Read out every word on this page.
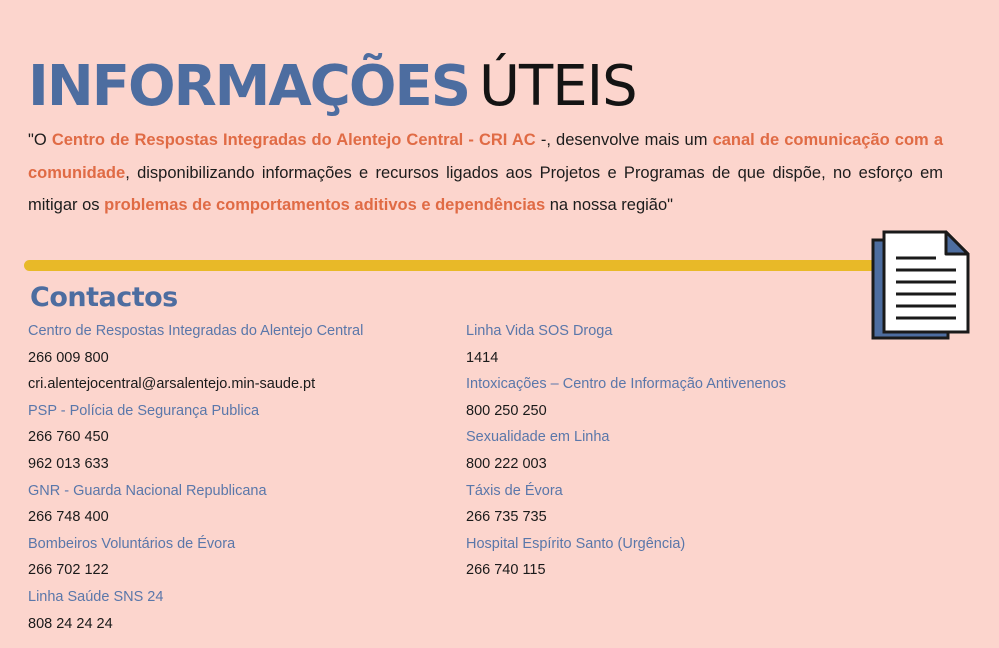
INFORMAÇÕES ÚTEIS

"O Centro de Respostas Integradas do Alentejo Central - CRI AC -, desenvolve mais um canal de comunicação com a comunidade, disponibilizando informações e recursos ligados aos Projetos e Programas de que dispõe, no esforço em mitigar os problemas de comportamentos aditivos e dependências na nossa região"

Contactos
Centro de Respostas Integradas do Alentejo Central
266 009 800
cri.alentejocentral@arsalentejo.min-saude.pt
PSP - Polícia de Segurança Publica
266 760 450
962 013 633
GNR - Guarda Nacional Republicana
266 748 400
Bombeiros Voluntários de Évora
266 702 122
Linha Saúde SNS 24
808 24 24 24
Linha Vida SOS Droga
1414
Intoxicações – Centro de Informação Antivenenos
800 250 250
Sexualidade em Linha
800 222 003
Táxis de Évora
266 735 735
Hospital Espírito Santo (Urgência)
266 740 115
